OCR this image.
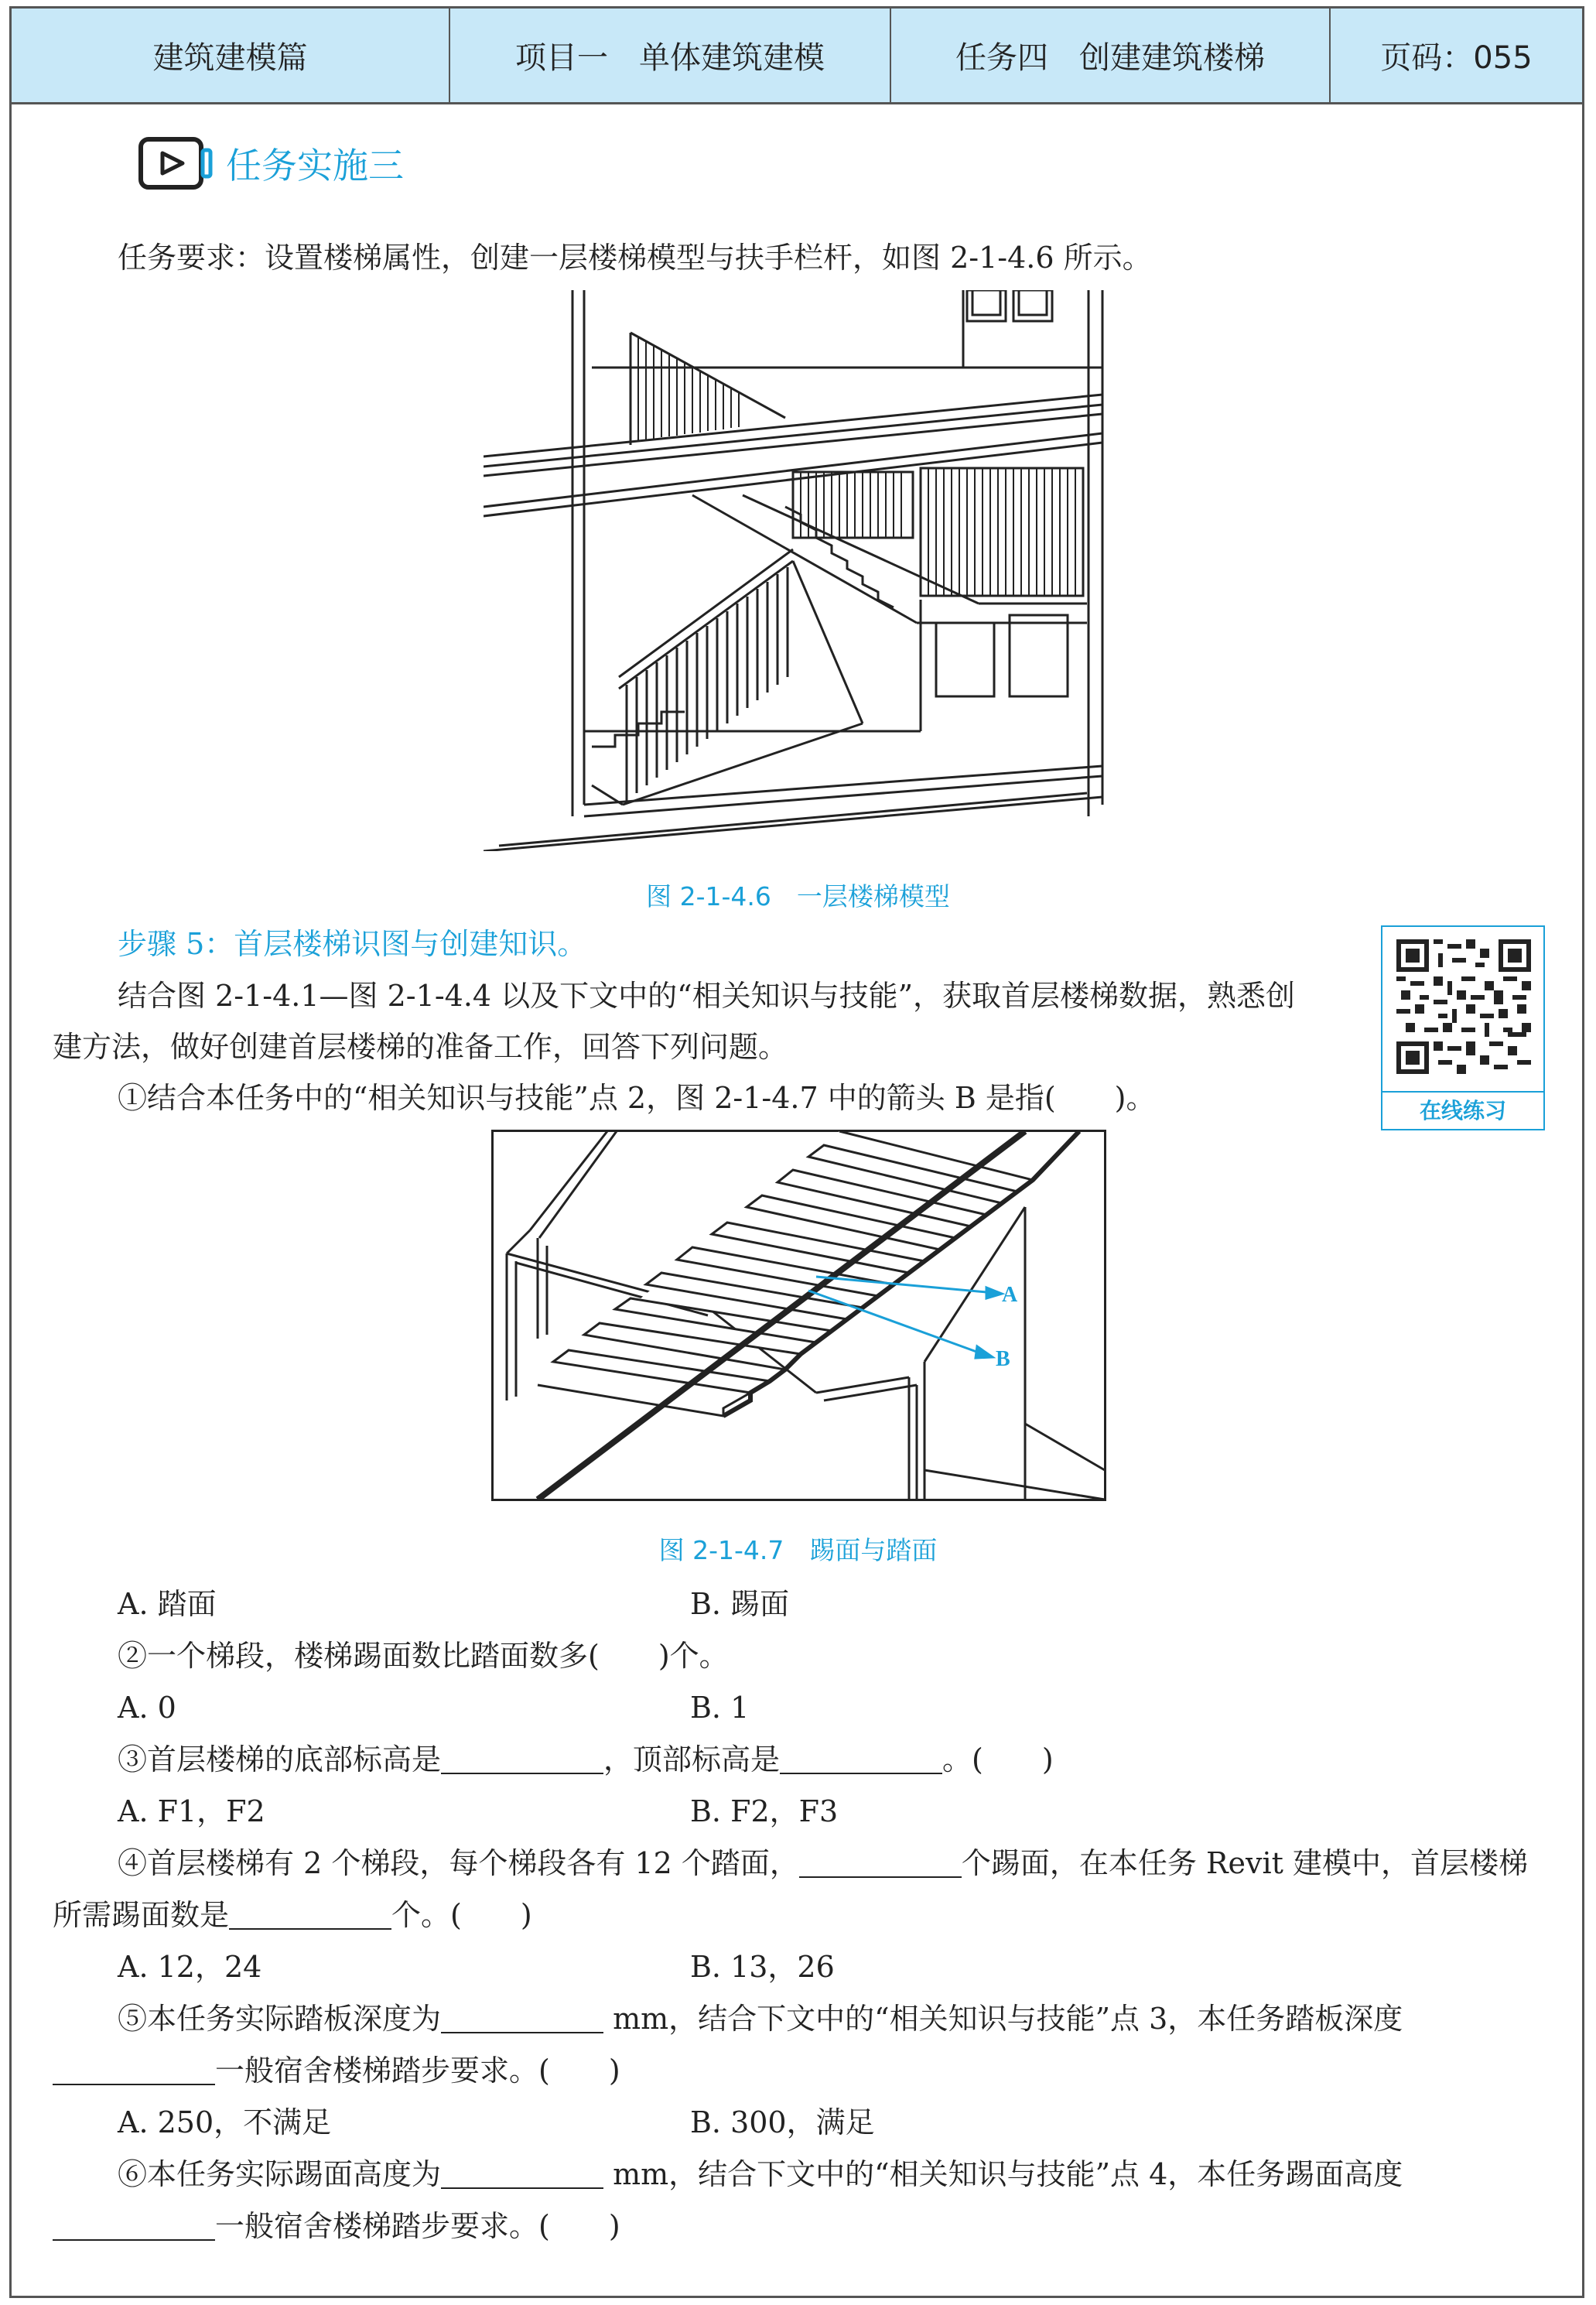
建筑建模篇	项目一　单体建筑建模	任务四　创建建筑楼梯	页码：055
任务实施三
任务要求：设置楼梯属性，创建一层楼梯模型与扶手栏杆，如图 2-1-4.6 所示。
图 2-1-4.6　一层楼梯模型
步骤 5：首层楼梯识图与创建知识。
结合图 2-1-4.1—图 2-1-4.4 以及下文中的“相关知识与技能”，获取首层楼梯数据，熟悉创
建方法，做好创建首层楼梯的准备工作，回答下列问题。
①结合本任务中的“相关知识与技能”点 2，图 2-1-4.7 中的箭头 B 是指(　　)。	在线练习
A
B
图 2-1-4.7　踢面与踏面
A. 踏面	B. 踢面
②一个梯段，楼梯踢面数比踏面数多(　　)个。
A. 0	B. 1
③首层楼梯的底部标高是	，顶部标高是	。(　　)
A. F1，F2	B. F2，F3
④首层楼梯有 2 个梯段，每个梯段各有 12 个踏面，	个踢面，在本任务 Revit 建模中，首层楼梯
所需踢面数是	个。(　　)
A. 12，24	B. 13，26
⑤本任务实际踏板深度为	mm，结合下文中的“相关知识与技能”点 3，本任务踏板深度
一般宿舍楼梯踏步要求。(　　)
A. 250，不满足	B. 300，满足
⑥本任务实际踢面高度为	mm，结合下文中的“相关知识与技能”点 4，本任务踢面高度
一般宿舍楼梯踏步要求。(　　)
